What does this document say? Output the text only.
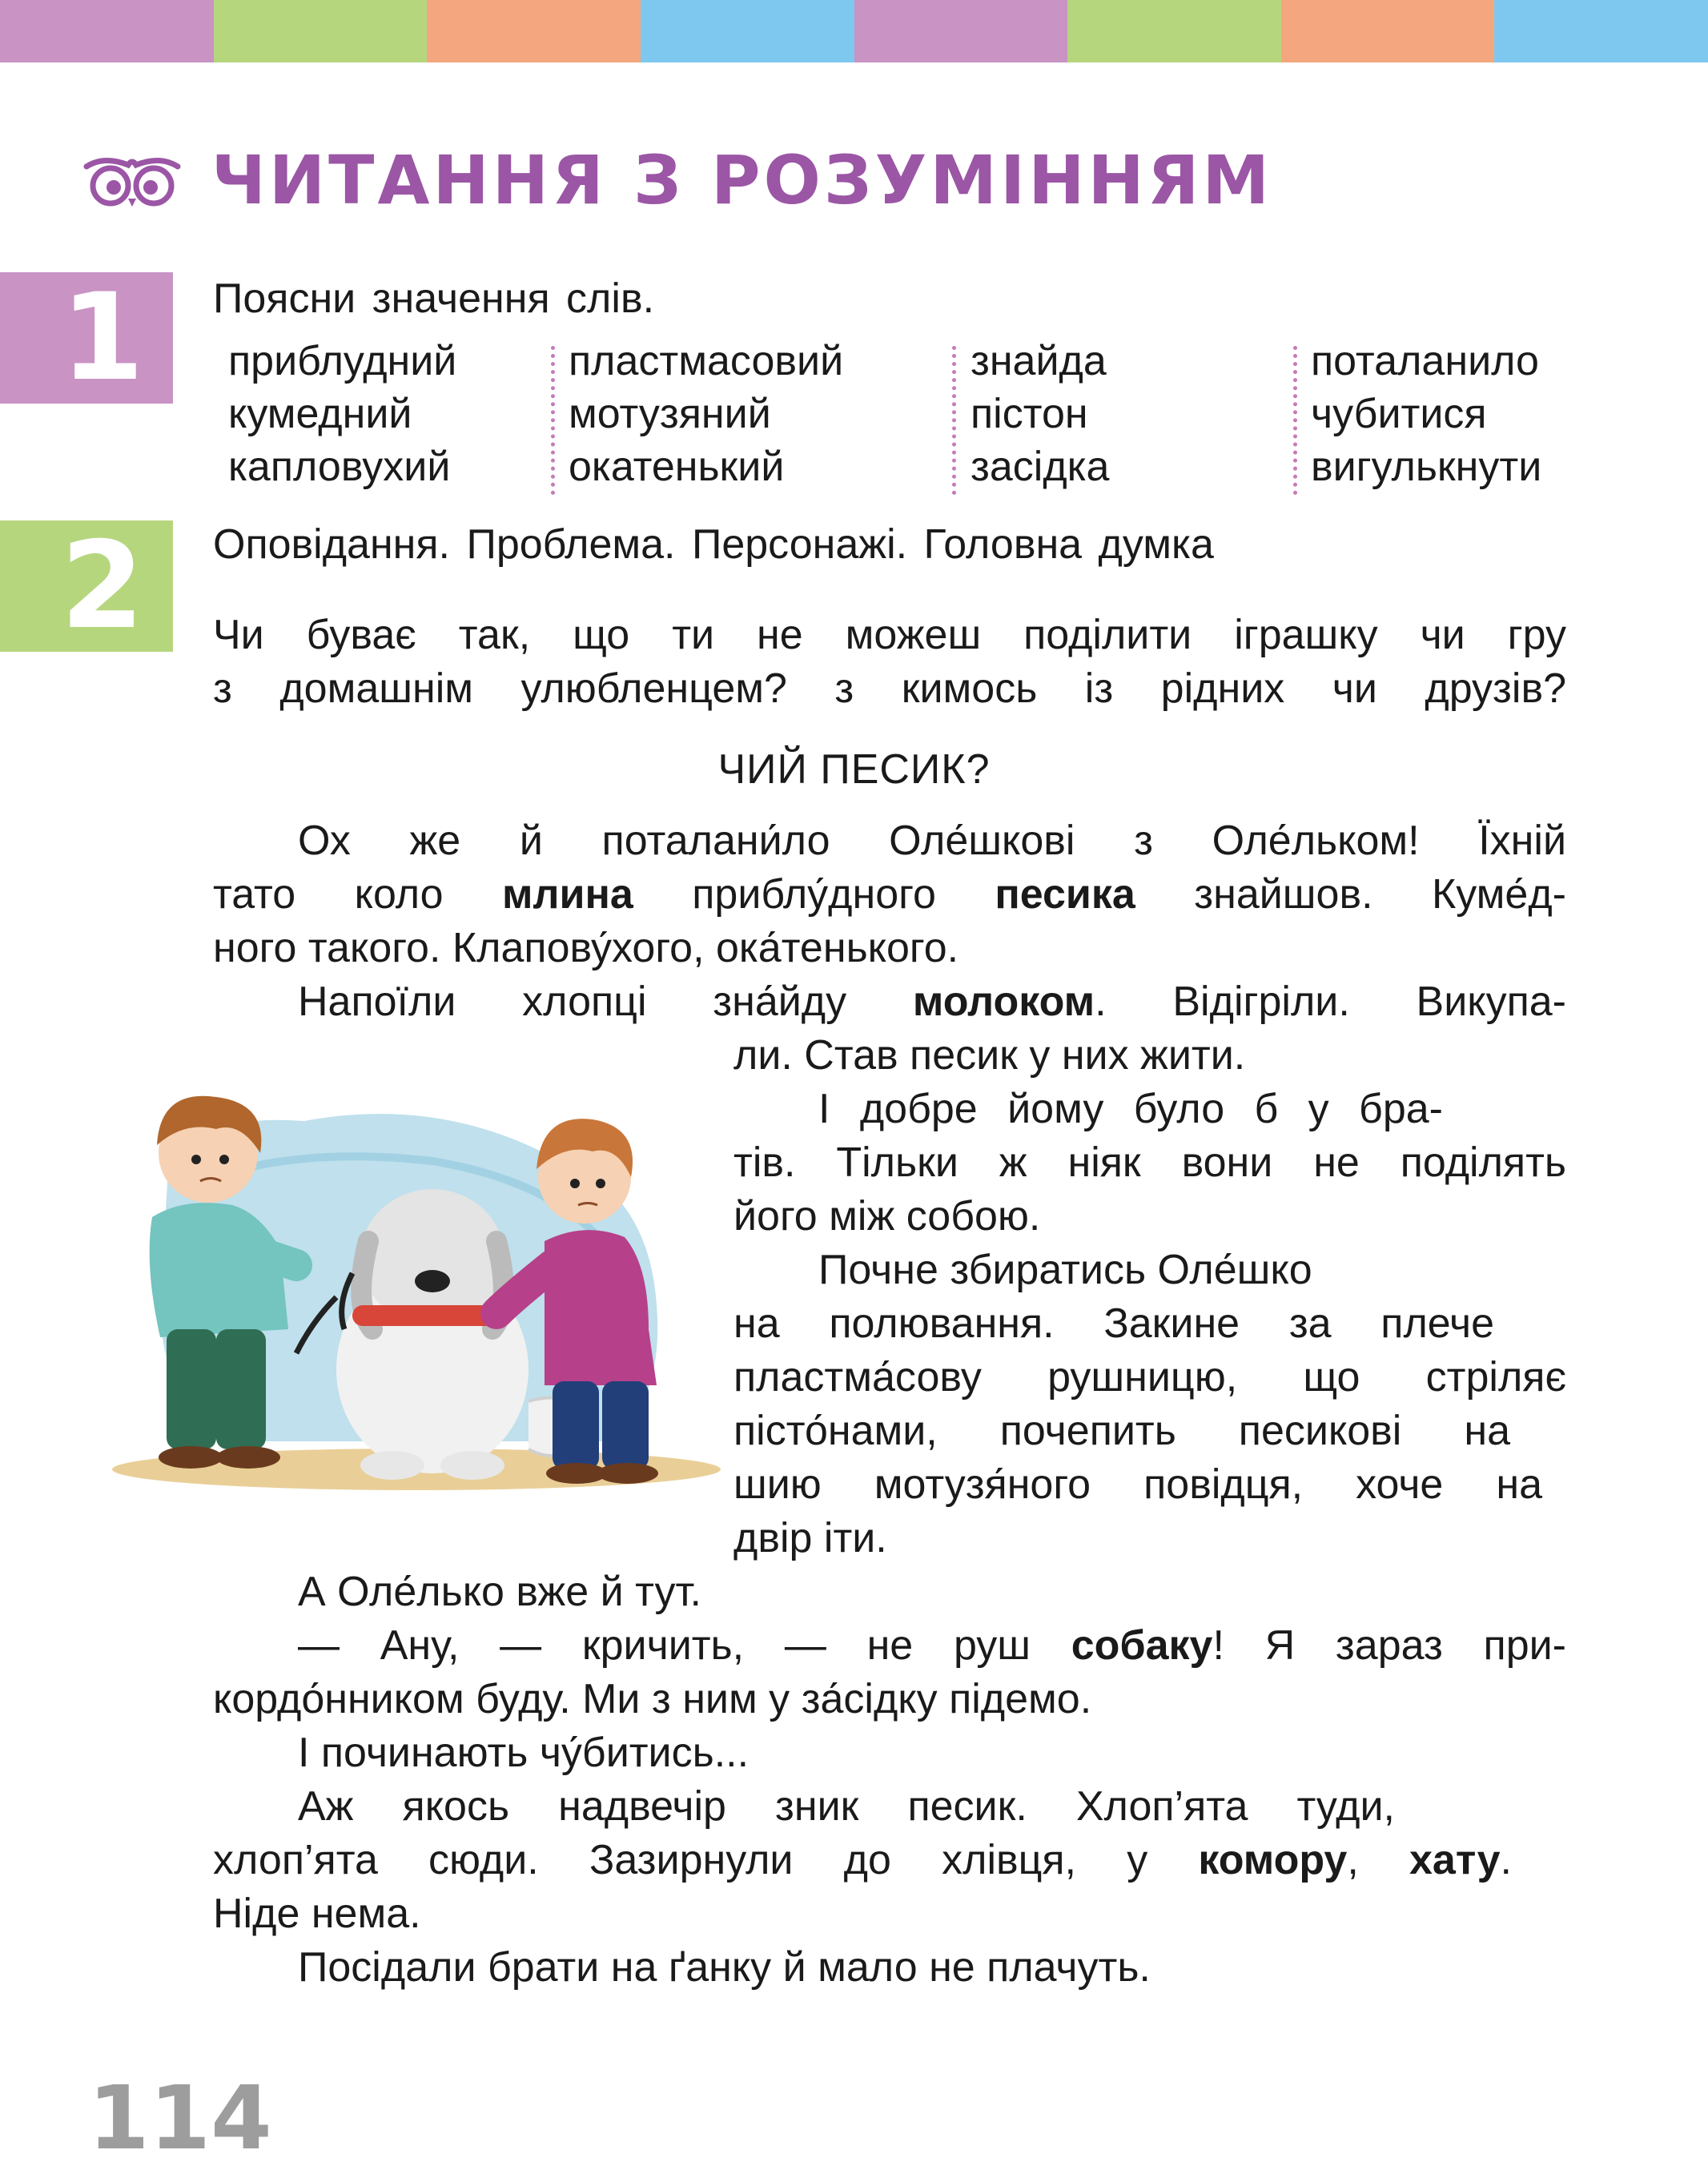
ЧИТАННЯ З РОЗУМІННЯМ
1	Поясни значення слів.
приблудний
кумедний
капловухий
пластмасовий
мотузяний
окатенький
знайда
пістон
засідка
поталанило
чубитися
вигулькнути
2	Оповідання. Проблема. Персонажі. Головна думка
Чи буває так, що ти не можеш поділити іграшку чи гру
з домашнім улюбленцем? з кимось із рідних чи друзів?
ЧИЙ ПЕСИК?
Ох же й поталани́ло Оле́шкові з Оле́льком! Їхній
тато коло млина приблу́дного песика знайшов. Куме́д-
ного такого. Клапову́хого, ока́тенького.
Напоїли хлопці зна́йду молоком. Відігріли. Викупа-
ли. Став песик у них жити.
І добре йому було б у бра-
тів. Тільки ж ніяк вони не поділять
його між собою.
Почне збиратись Оле́шко
на полювання. Закине за плече
пластма́сову рушницю, що стріляє
пісто́нами, почепить песикові на
шию мотузя́ного повідця, хоче на
двір іти.
А Оле́лько вже й тут.
— Ану, — кричить, — не руш собаку! Я зараз при-
кордо́нником буду. Ми з ним у за́сідку підемо.
І починають чу́битись...
Аж якось надвечір зник песик. Хлоп’ята туди,
хлоп’ята сюди. Зазирнули до хлівця, у комору, хату.
Ніде нема.
Посідали брати на ґанку й мало не плачуть.
114
